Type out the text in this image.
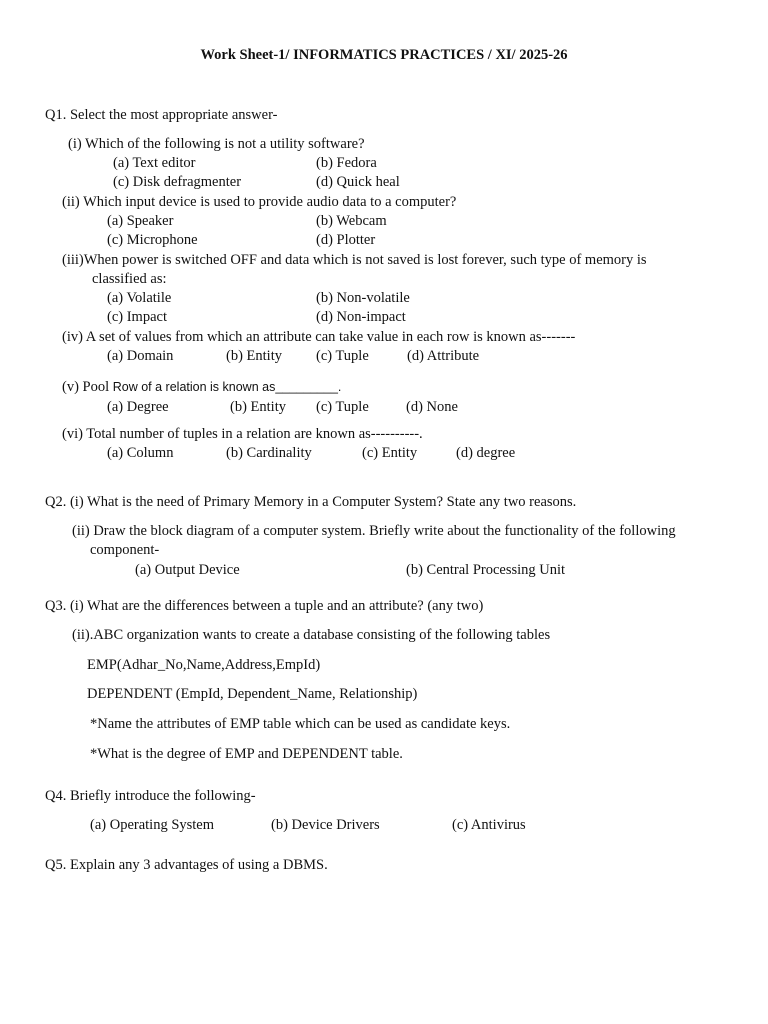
Work Sheet-1/ INFORMATICS PRACTICES / XI/ 2025-26
Q1. Select the most appropriate answer-
(i) Which of the following is not a utility software?
(a) Text editor	(b) Fedora
(c) Disk defragmenter	(d) Quick heal
(ii) Which input device is used to provide audio data to a computer?
(a) Speaker	(b) Webcam
(c) Microphone	(d) Plotter
(iii)When power is switched OFF and data which is not saved is lost forever, such type of memory is
classified as:
(a) Volatile	(b) Non-volatile
(c) Impact	(d) Non-impact
(iv) A set of values from which an attribute can take value in each row is known as-------
(a) Domain	(b) Entity (c) Tuple	(d) Attribute
(v) Pool Row of a relation is known as_________.
(a) Degree	(b) Entity (c) Tuple	(d) None
(vi) Total number of tuples in a relation are known as----------.
(a) Column	(b) Cardinality	(c) Entity	(d) degree
Q2. (i) What is the need of Primary Memory in a Computer System? State any two reasons.
(ii) Draw the block diagram of a computer system. Briefly write about the functionality of the following
component-
(a) Output Device	(b) Central Processing Unit
Q3. (i) What are the differences between a tuple and an attribute? (any two)
(ii).ABC organization wants to create a database consisting of the following tables
EMP(Adhar_No,Name,Address,EmpId)
DEPENDENT (EmpId, Dependent_Name, Relationship)
*Name the attributes of EMP table which can be used as candidate keys.
*What is the degree of EMP and DEPENDENT table.
Q4. Briefly introduce the following-
(a) Operating System	(b) Device Drivers	(c) Antivirus
Q5. Explain any 3 advantages of using a DBMS.
